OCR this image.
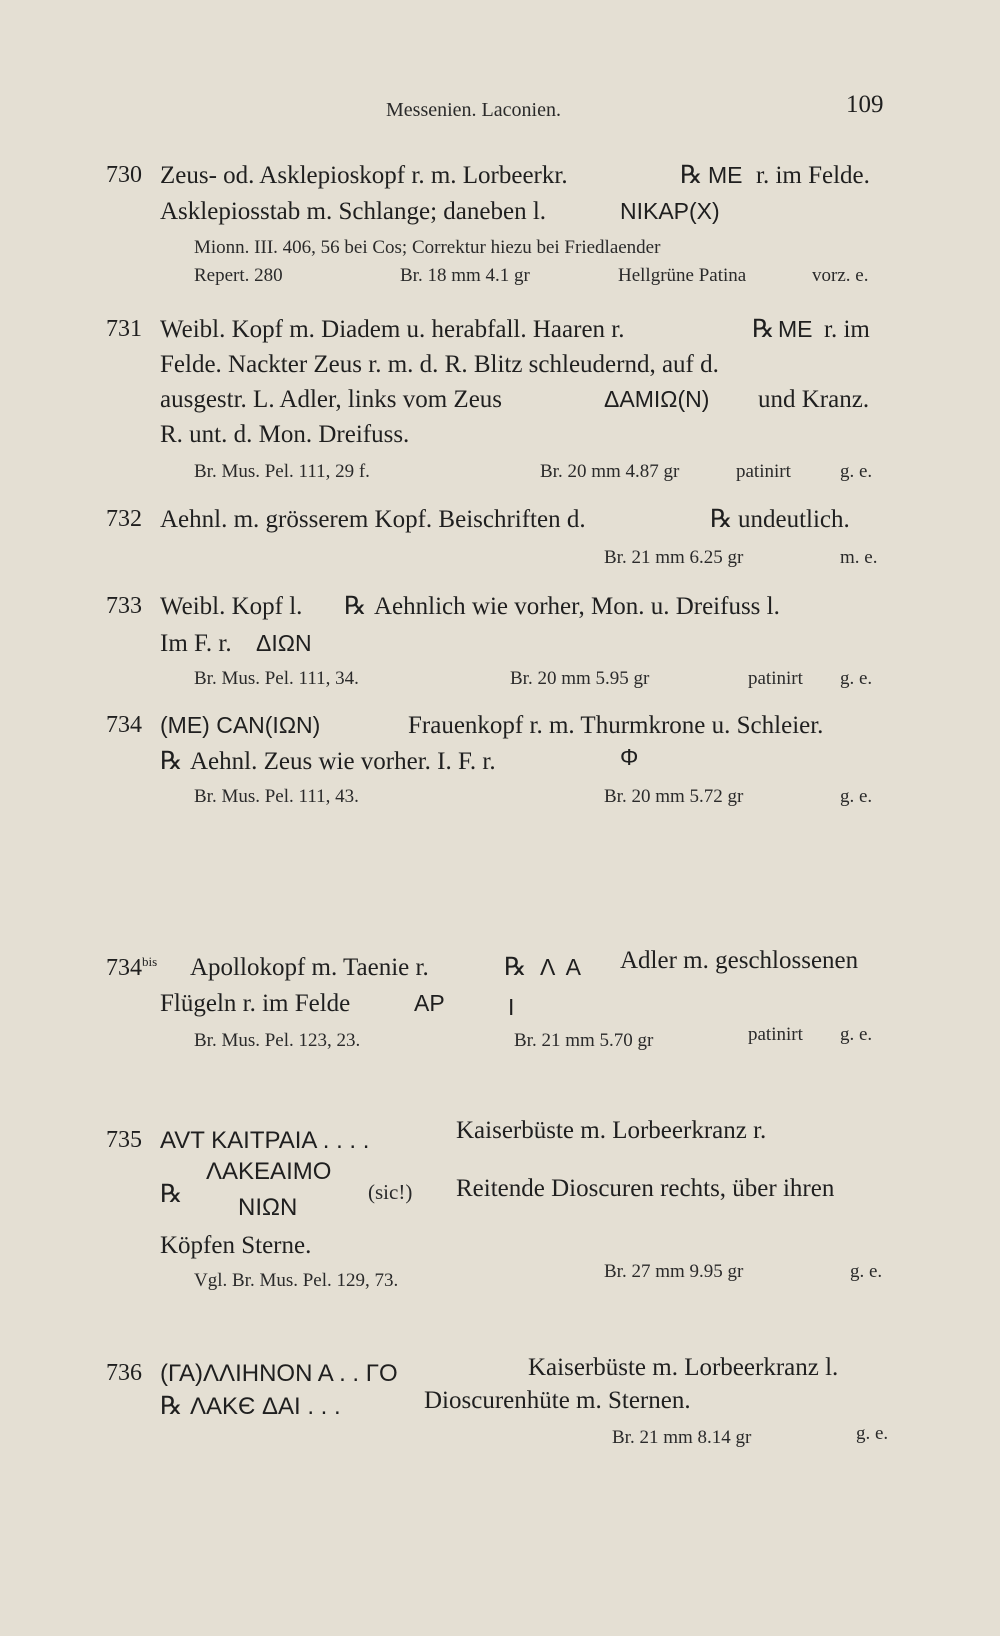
Messenien. Laconien.	109
730 Zeus- od. Asklepioskopf r. m. Lorbeerkr.	℞ ME r. im Felde.
Asklepiosstab m. Schlange; daneben l.	NIKAP(X)
Mionn. III. 406, 56 bei Cos; Correktur hiezu bei Friedlaender
Repert. 280	Br. 18 mm 4.1 gr	Hellgrüne Patina	vorz. e.
731 Weibl. Kopf m. Diadem u. herabfall. Haaren r.	℞ ME r. im
Felde. Nackter Zeus r. m. d. R. Blitz schleudernd, auf d.
ausgestr. L. Adler, links vom Zeus	ΔΑΜΙΩ(Ν) und Kranz.
R. unt. d. Mon. Dreifuss.
Br. Mus. Pel. 111, 29 f.	Br. 20 mm 4.87 gr	patinirt	g. e.
732 Aehnl. m. grösserem Kopf. Beischriften d.	℞ undeutlich.
Br. 21 mm 6.25 gr	m. e.
733 Weibl. Kopf l. ℞ Aehnlich wie vorher, Mon. u. Dreifuss l.
Im F. r. ΔΙΩΝ
Br. Mus. Pel. 111, 34.	Br. 20 mm 5.95 gr	patinirt g. e.
734 (ΜΕ) CAN(ΙΩΝ)	Frauenkopf r. m. Thurmkrone u. Schleier.
℞ Aehnl. Zeus wie vorher. I. F. r.	Φ
Br. Mus. Pel. 111, 43.	Br. 20 mm 5.72 gr	g. e.
$734^{bis}$ Apollokopf m. Taenie r.	℞ Λ  Α Adler m. geschlossenen
Flügeln r. im Felde	ΑΡ	Ι
Br. Mus. Pel. 123, 23.	Br. 21 mm 5.70 gr	patinirt g. e.
735 AVT KAITPAIA . . . .	Kaiserbüste m. Lorbeerkranz r.
℞
ΛΑΚΕΑΙΜΟ
ΝΙΩΝ
(sic!) Reitende Dioscuren rechts, über ihren
Köpfen Sterne.
Vgl. Br. Mus. Pel. 129, 73.	Br. 27 mm 9.95 gr	g. e.
736 (ΓΑ)ΛΛΙΗΝΟΝ Α . . ΓΟ	Kaiserbüste m. Lorbeerkranz l.
℞ ΛΑΚЄ ΔΑΙ . . .	Dioscurenhüte m. Sternen.
Br. 21 mm 8.14 gr	g. e.
